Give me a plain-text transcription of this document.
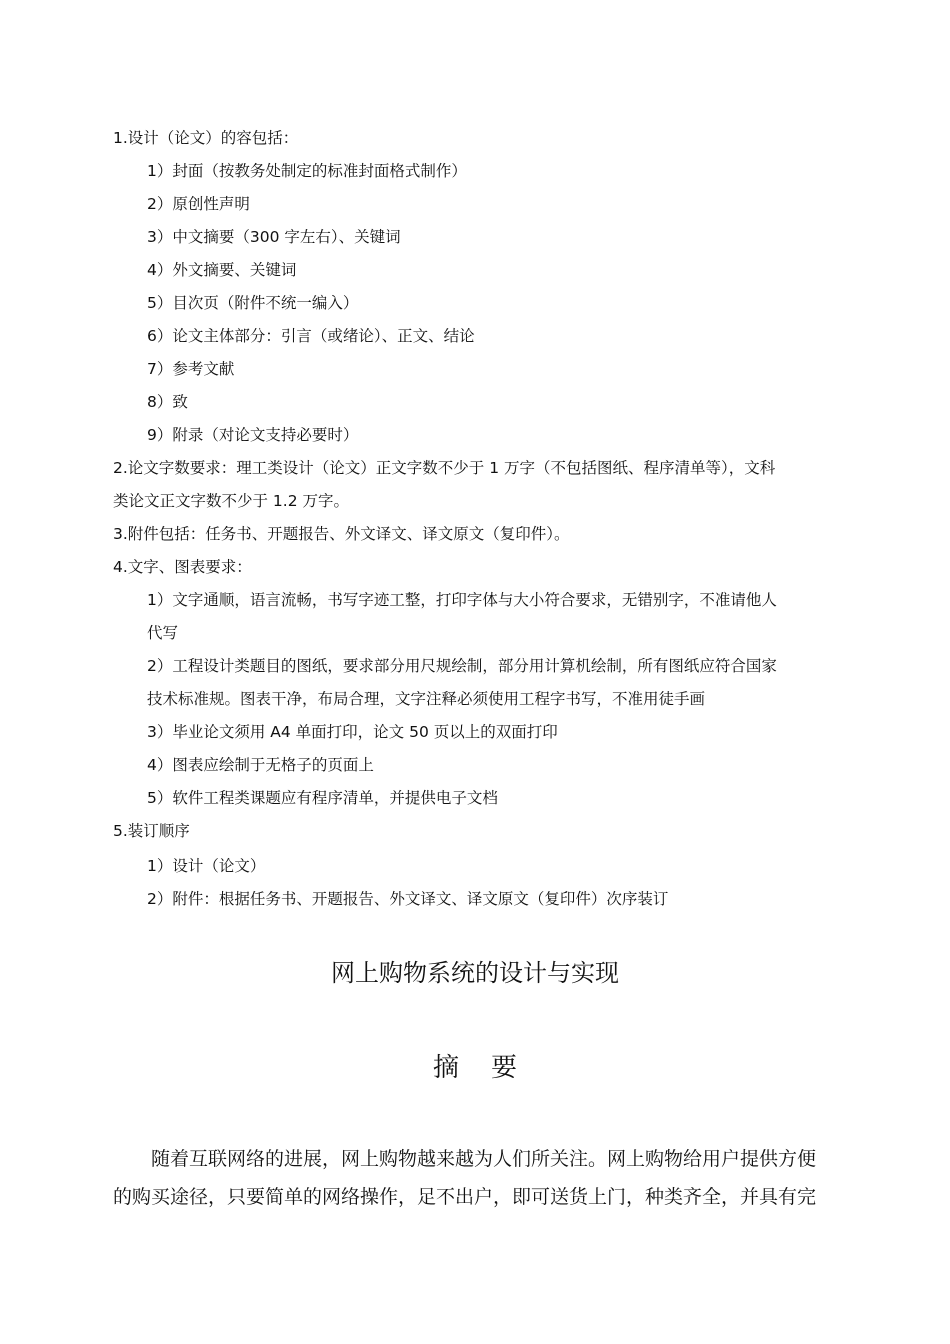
1.设计（论文）的容包括：
1）封面（按教务处制定的标准封面格式制作）
2）原创性声明
3）中文摘要（300 字左右）、关键词
4）外文摘要、关键词
5）目次页（附件不统一编入）
6）论文主体部分：引言（或绪论）、正文、结论
7）参考文献
8）致
9）附录（对论文支持必要时）
2.论文字数要求：理工类设计（论文）正文字数不少于 1 万字（不包括图纸、程序清单等），文科
类论文正文字数不少于 1.2 万字。
3.附件包括：任务书、开题报告、外文译文、译文原文（复印件）。
4.文字、图表要求：
1）文字通顺，语言流畅，书写字迹工整，打印字体与大小符合要求，无错别字，不准请他人
代写
2）工程设计类题目的图纸，要求部分用尺规绘制，部分用计算机绘制，所有图纸应符合国家
技术标准规。图表干净，布局合理，文字注释必须使用工程字书写，不准用徒手画
3）毕业论文须用 A4 单面打印，论文 50 页以上的双面打印
4）图表应绘制于无格子的页面上
5）软件工程类课题应有程序清单，并提供电子文档
5.装订顺序
1）设计（论文）
2）附件：根据任务书、开题报告、外文译文、译文原文（复印件）次序装订
网上购物系统的设计与实现
摘 要
随着互联网络的进展，网上购物越来越为人们所关注。网上购物给用户提供方便
的购买途径，只要简单的网络操作，足不出户，即可送货上门，种类齐全，并具有完
